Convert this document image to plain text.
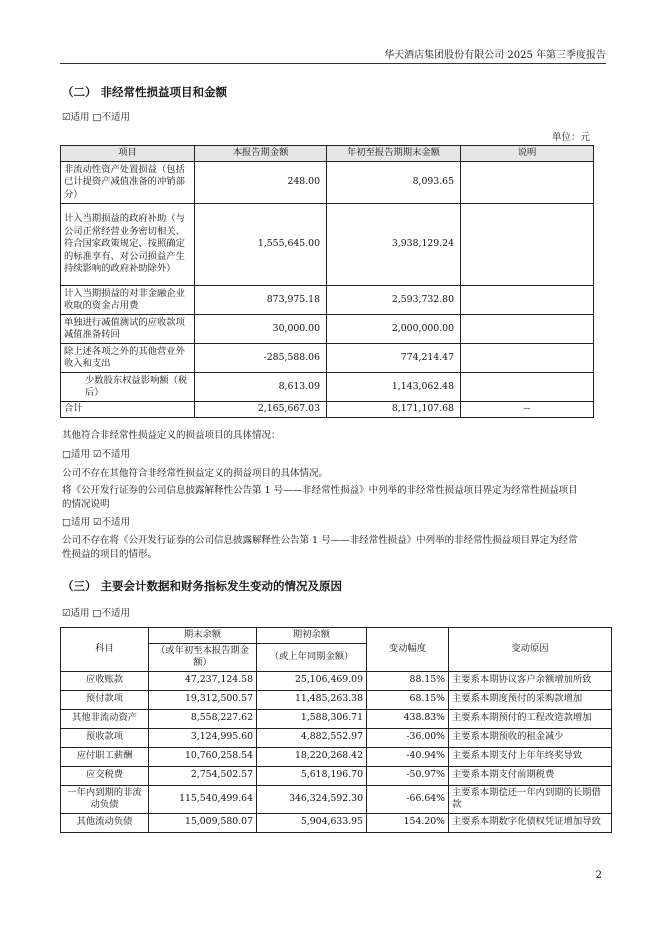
华天酒店集团股份有限公司 2025 年第三季度报告
（二） 非经常性损益项目和金额
☑适用 □不适用
单位：元
项目	本报告期金额	年初至报告期期末金额	说明
非流动性资产处置损益（包括已计提资产减值准备的冲销部分）	248.00	8,093.65	
计入当期损益的政府补助（与公司正常经营业务密切相关、符合国家政策规定、按照确定的标准享有、对公司损益产生持续影响的政府补助除外）	1,555,645.00	3,938,129.24	
计入当期损益的对非金融企业收取的资金占用费	873,975.18	2,593,732.80	
单独进行减值测试的应收款项减值准备转回	30,000.00	2,000,000.00	
除上述各项之外的其他营业外收入和支出	-285,588.06	774,214.47	
少数股东权益影响额（税后）	8,613.09	1,143,062.48	
合计	2,165,667.03	8,171,107.68	--
其他符合非经常性损益定义的损益项目的具体情况：
□适用 ☑不适用
公司不存在其他符合非经常性损益定义的损益项目的具体情况。
将《公开发行证券的公司信息披露解释性公告第 1 号——非经常性损益》中列举的非经常性损益项目界定为经常性损益项目的情况说明
□适用 ☑不适用
公司不存在将《公开发行证券的公司信息披露解释性公告第 1 号——非经常性损益》中列举的非经常性损益项目界定为经常性损益的项目的情形。
（三） 主要会计数据和财务指标发生变动的情况及原因
☑适用 □不适用
科目	期末余额	期初余额	变动幅度	变动原因
	（或年初至本报告期金额）	（或上年同期金额）		
应收账款	47,237,124.58	25,106,469.09	88.15%	主要系本期协议客户余额增加所致
预付款项	19,312,500.57	11,485,263.38	68.15%	主要系本期度预付的采购款增加
其他非流动资产	8,558,227.62	1,588,306.71	438.83%	主要系本期预付的工程改造款增加
预收款项	3,124,995.60	4,882,552.97	-36.00%	主要系本期预收的租金减少
应付职工薪酬	10,760,258.54	18,220,268.42	-40.94%	主要系本期支付上年年终奖导致
应交税费	2,754,502.57	5,618,196.70	-50.97%	主要系本期支付前期税费
一年内到期的非流动负债	115,540,499.64	346,324,592.30	-66.64%	主要系本期偿还一年内到期的长期借款
其他流动负债	15,009,580.07	5,904,633.95	154.20%	主要系本期数字化债权凭证增加导致
2
